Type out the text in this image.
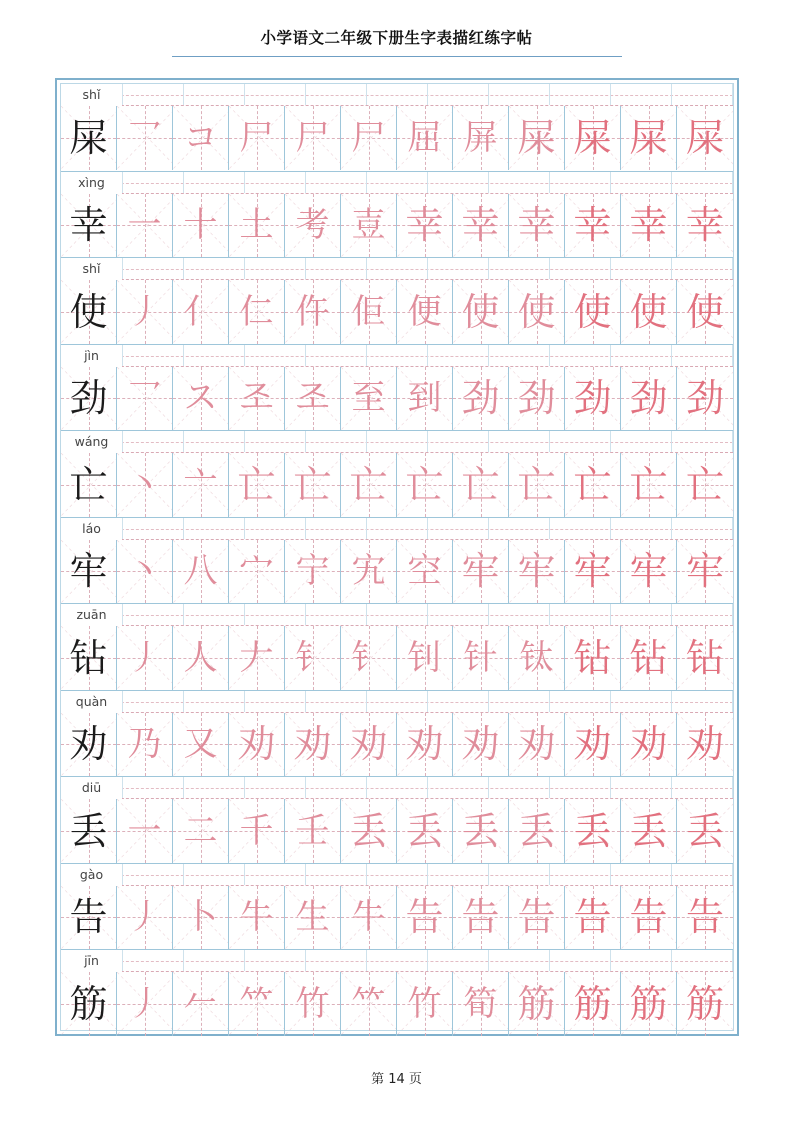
小学语文二年级下册生字表描红练字帖
shǐ
屎 乛 コ 尸 尸 尸 屈 屏 屎 屎 屎 屎
xìng
幸 一 十 土 考 壴 幸 幸 幸 幸 幸 幸
shǐ
使 丿 亻 仁 仵 佢 便 使 使 使 使 使
jìn
劲 乛 ス 조 조 至 到 劲 劲 劲 劲 劲
wáng
亡 丶 亠 亡 亡 亡 亡 亡 亡 亡 亡 亡
láo
牢 丶 八 宀 宁 宄 空 牢 牢 牢 牢 牢
zuān
钻 丿 人 𠂇 钅 钅 钊 针 钛 钻 钻 钻
quàn
劝 乃 又 劝 劝 劝 劝 劝 劝 劝 劝 劝
diū
丢 一 二 千 壬 丢 丢 丢 丢 丢 丢 丢
gào
告 丿 卜 牛 生 牛 告 告 告 告 告 告
jīn
筋 丿 𠂉 𥫗 竹 𥫗 竹 筍 筋 筋 筋 筋
第 14 页
